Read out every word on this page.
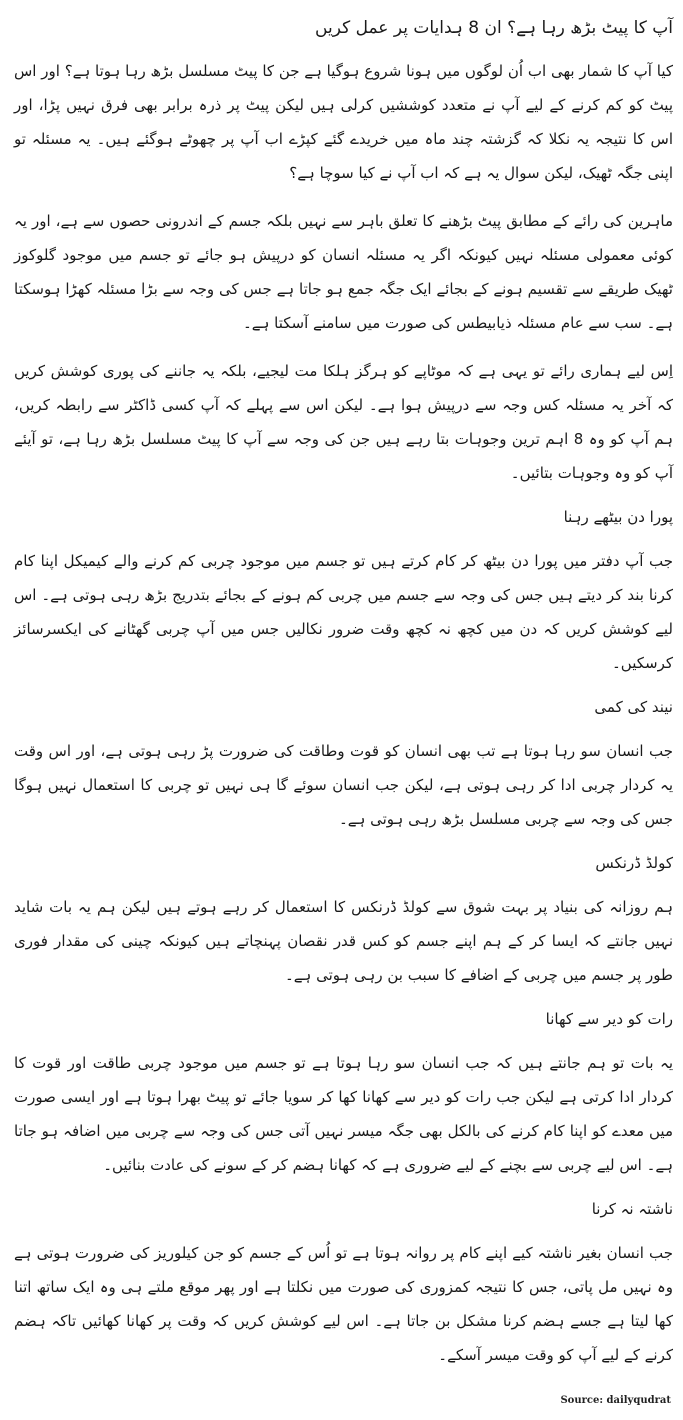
آپ کا پیٹ بڑھ رہا ہے؟ ان 8 ہدایات پر عمل کریں

کیا آپ کا شمار بھی اب اُن لوگوں میں ہونا شروع ہوگیا ہے جن کا پیٹ مسلسل بڑھ رہا ہوتا ہے؟ اور اس پیٹ کو کم کرنے کے لیے آپ نے متعدد کوششیں کرلی ہیں لیکن پیٹ پر ذرہ برابر بھی فرق نہیں پڑا، اور اس کا نتیجہ یہ نکلا کہ گزشتہ چند ماہ میں خریدے گئے کپڑے اب آپ پر چھوٹے ہوگئے ہیں۔ یہ مسئلہ تو اپنی جگہ ٹھیک، لیکن سوال یہ ہے کہ اب آپ نے کیا سوچا ہے؟

ماہرین کی رائے کے مطابق پیٹ بڑھنے کا تعلق باہر سے نہیں بلکہ جسم کے اندرونی حصوں سے ہے، اور یہ کوئی معمولی مسئلہ نہیں کیونکہ اگر یہ مسئلہ انسان کو درپیش ہو جائے تو جسم میں موجود گلوکوز ٹھیک طریقے سے تقسیم ہونے کے بجائے ایک جگہ جمع ہو جاتا ہے جس کی وجہ سے بڑا مسئلہ کھڑا ہوسکتا ہے۔ سب سے عام مسئلہ ذیابیطس کی صورت میں سامنے آسکتا ہے۔

اِس لیے ہماری رائے تو یہی ہے کہ موٹاپے کو ہرگز ہلکا مت لیجیے، بلکہ یہ جاننے کی پوری کوشش کریں کہ آخر یہ مسئلہ کس وجہ سے درپیش ہوا ہے۔ لیکن اس سے پہلے کہ آپ کسی ڈاکٹر سے رابطہ کریں، ہم آپ کو وہ 8 اہم ترین وجوہات بتا رہے ہیں جن کی وجہ سے آپ کا پیٹ مسلسل بڑھ رہا ہے، تو آیئے آپ کو وہ وجوہات بتائیں۔

پورا دن بیٹھے رہنا

جب آپ دفتر میں پورا دن بیٹھ کر کام کرتے ہیں تو جسم میں موجود چربی کم کرنے والے کیمیکل اپنا کام کرنا بند کر دیتے ہیں جس کی وجہ سے جسم میں چربی کم ہونے کے بجائے بتدریج بڑھ رہی ہوتی ہے۔ اس لیے کوشش کریں کہ دن میں کچھ نہ کچھ وقت ضرور نکالیں جس میں آپ چربی گھٹانے کی ایکسرسائز کرسکیں۔

نیند کی کمی

جب انسان سو رہا ہوتا ہے تب بھی انسان کو قوت وطاقت کی ضرورت پڑ رہی ہوتی ہے، اور اس وقت یہ کردار چربی ادا کر رہی ہوتی ہے، لیکن جب انسان سوئے گا ہی نہیں تو چربی کا استعمال نہیں ہوگا جس کی وجہ سے چربی مسلسل بڑھ رہی ہوتی ہے۔

کولڈ ڈرنکس

ہم روزانہ کی بنیاد پر بہت شوق سے کولڈ ڈرنکس کا استعمال کر رہے ہوتے ہیں لیکن ہم یہ بات شاید نہیں جانتے کہ ایسا کر کے ہم اپنے جسم کو کس قدر نقصان پہنچاتے ہیں کیونکہ چینی کی مقدار فوری طور پر جسم میں چربی کے اضافے کا سبب بن رہی ہوتی ہے۔

رات کو دیر سے کھانا

یہ بات تو ہم جانتے ہیں کہ جب انسان سو رہا ہوتا ہے تو جسم میں موجود چربی طاقت اور قوت کا کردار ادا کرتی ہے لیکن جب رات کو دیر سے کھانا کھا کر سویا جائے تو پیٹ بھرا ہوتا ہے اور ایسی صورت میں معدے کو اپنا کام کرنے کی بالکل بھی جگہ میسر نہیں آتی جس کی وجہ سے چربی میں اضافہ ہو جاتا ہے۔ اس لیے چربی سے بچنے کے لیے ضروری ہے کہ کھانا ہضم کر کے سونے کی عادت بنائیں۔

ناشتہ نہ کرنا

جب انسان بغیر ناشتہ کیے اپنے کام پر روانہ ہوتا ہے تو اُس کے جسم کو جن کیلوریز کی ضرورت ہوتی ہے وہ نہیں مل پاتی، جس کا نتیجہ کمزوری کی صورت میں نکلتا ہے اور پھر موقع ملتے ہی وہ ایک ساتھ اتنا کھا لیتا ہے جسے ہضم کرنا مشکل بن جاتا ہے۔ اس لیے کوشش کریں کہ وقت پر کھانا کھائیں تاکہ ہضم کرنے کے لیے آپ کو وقت میسر آسکے۔

Source: dailyqudrat
